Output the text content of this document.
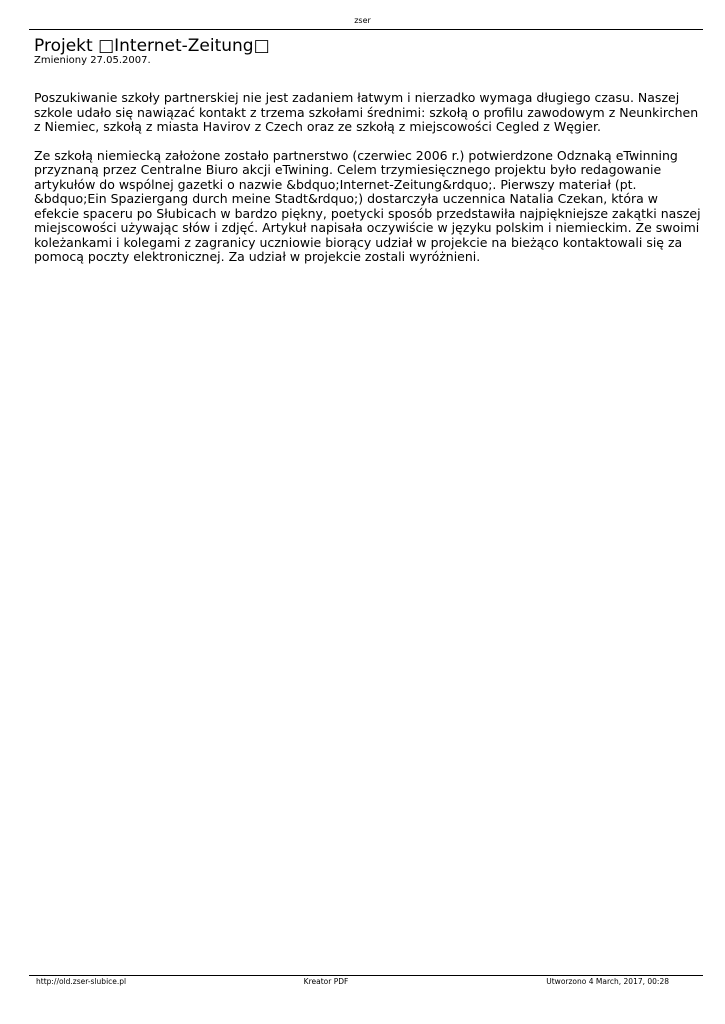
zser
Projekt □Internet-Zeitung□
Zmieniony 27.05.2007.

Poszukiwanie szkoły partnerskiej nie jest zadaniem łatwym i nierzadko wymaga długiego czasu. Naszej szkole udało się nawiązać kontakt z trzema szkołami średnimi: szkołą o profilu zawodowym z Neunkirchen z Niemiec, szkołą z miasta Havirov z Czech oraz ze szkołą z miejscowości Cegled z Węgier.

Ze szkołą niemiecką założone zostało partnerstwo (czerwiec 2006 r.) potwierdzone Odznaką eTwinning przyznaną przez Centralne Biuro akcji eTwining. Celem trzymiesięcznego projektu było redagowanie artykułów do wspólnej gazetki o nazwie &bdquo;Internet-Zeitung&rdquo;. Pierwszy materiał (pt. &bdquo;Ein Spaziergang durch meine Stadt&rdquo;) dostarczyła uczennica Natalia Czekan, która w efekcie spaceru po Słubicach w bardzo piękny, poetycki sposób przedstawiła najpiękniejsze zakątki naszej miejscowości używając słów i zdjęć. Artykuł napisała oczywiście w języku polskim i niemieckim. Ze swoimi koleżankami i kolegami z zagranicy uczniowie biorący udział w projekcie na bieżąco kontaktowali się za pomocą poczty elektronicznej. Za udział w projekcie zostali wyróżnieni.

http://old.zser-slubice.pl	Kreator PDF	Utworzono 4 March, 2017, 00:28
